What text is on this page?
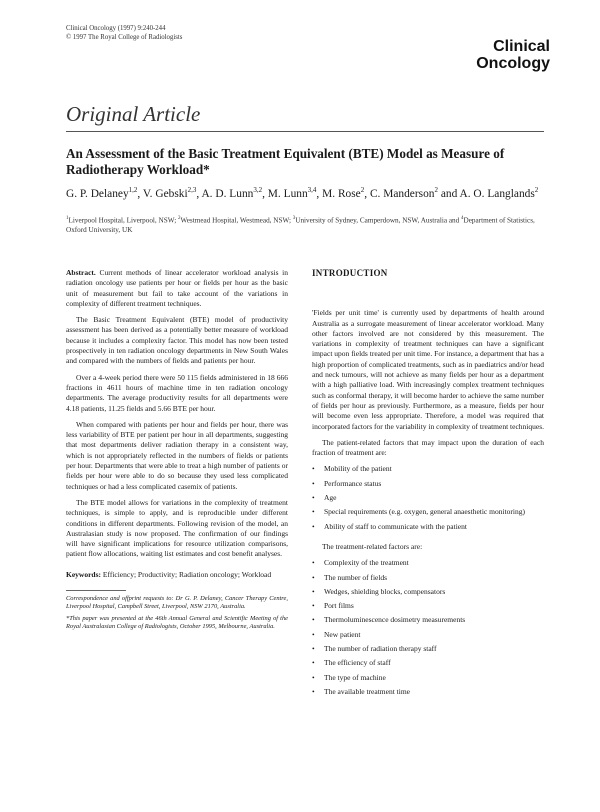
Clinical Oncology (1997) 9:240-244
© 1997 The Royal College of Radiologists
Clinical
Oncology
Original Article
An Assessment of the Basic Treatment Equivalent (BTE) Model as Measure of Radiotherapy Workload*
G. P. Delaney$^{1,2}$, V. Gebski$^{2,3}$, A. D. Lunn$^{3,2}$, M. Lunn$^{3,4}$, M. Rose$^2$, C. Manderson$^2$ and A. O. Langlands$^2$
$^1$Liverpool Hospital, Liverpool, NSW; $^2$Westmead Hospital, Westmead, NSW; $^3$University of Sydney, Camperdown, NSW, Australia and $^4$Department of Statistics, Oxford University, UK

Abstract. Current methods of linear accelerator workload analysis in radiation oncology use patients per hour or fields per hour as the basic unit of measurement but fail to take account of the variations in complexity of different treatment techniques.

The Basic Treatment Equivalent (BTE) model of productivity assessment has been derived as a potentially better measure of workload because it includes a complexity factor. This model has now been tested prospectively in ten radiation oncology departments in New South Wales and compared with the numbers of fields and patients per hour.

Over a 4-week period there were 50 115 fields administered in 18 666 fractions in 4611 hours of machine time in ten radiation oncology departments. The average productivity results for all departments were 4.18 patients, 11.25 fields and 5.66 BTE per hour.

When compared with patients per hour and fields per hour, there was less variability of BTE per patient per hour in all departments, suggesting that most departments deliver radiation therapy in a consistent way, which is not appropriately reflected in the numbers of fields or patients per hour. Departments that were able to treat a high number of patients or fields per hour were able to do so because they used less complicated techniques or had a less complicated casemix of patients.

The BTE model allows for variations in the complexity of treatment techniques, is simple to apply, and is reproducible under different conditions in different departments. Following revision of the model, an Australasian study is now proposed. The confirmation of our findings will have significant implications for resource utilization comparisons, patient flow allocations, waiting list estimates and cost benefit analyses.

Keywords: Efficiency; Productivity; Radiation oncology; Workload

Correspondence and offprint requests to: Dr G. P. Delaney, Cancer Therapy Centre, Liverpool Hospital, Campbell Street, Liverpool, NSW 2170, Australia.

*This paper was presented at the 46th Annual General and Scientific Meeting of the Royal Australasian College of Radiologists, October 1995, Melbourne, Australia.

INTRODUCTION

'Fields per unit time' is currently used by departments of health around Australia as a surrogate measurement of linear accelerator workload. Many other factors involved are not considered by this measurement. The variations in complexity of treatment techniques can have a significant impact upon fields treated per unit time. For instance, a department that has a high proportion of complicated treatments, such as in paediatrics and/or head and neck tumours, will not achieve as many fields per hour as a department with a high palliative load. With increasingly complex treatment techniques such as conformal therapy, it will become harder to achieve the same number of fields per hour as previously. Furthermore, as a measure, fields per hour will become even less appropriate. Therefore, a model was required that incorporated factors for the variability in complexity of treatment techniques.

The patient-related factors that may impact upon the duration of each fraction of treatment are:

• Mobility of the patient
• Performance status
• Age
• Special requirements (e.g. oxygen, general anaesthetic monitoring)
• Ability of staff to communicate with the patient

The treatment-related factors are:

• Complexity of the treatment
• The number of fields
• Wedges, shielding blocks, compensators
• Port films
• Thermoluminescence dosimetry measurements
• New patient
• The number of radiation therapy staff
• The efficiency of staff
• The type of machine
• The available treatment time
